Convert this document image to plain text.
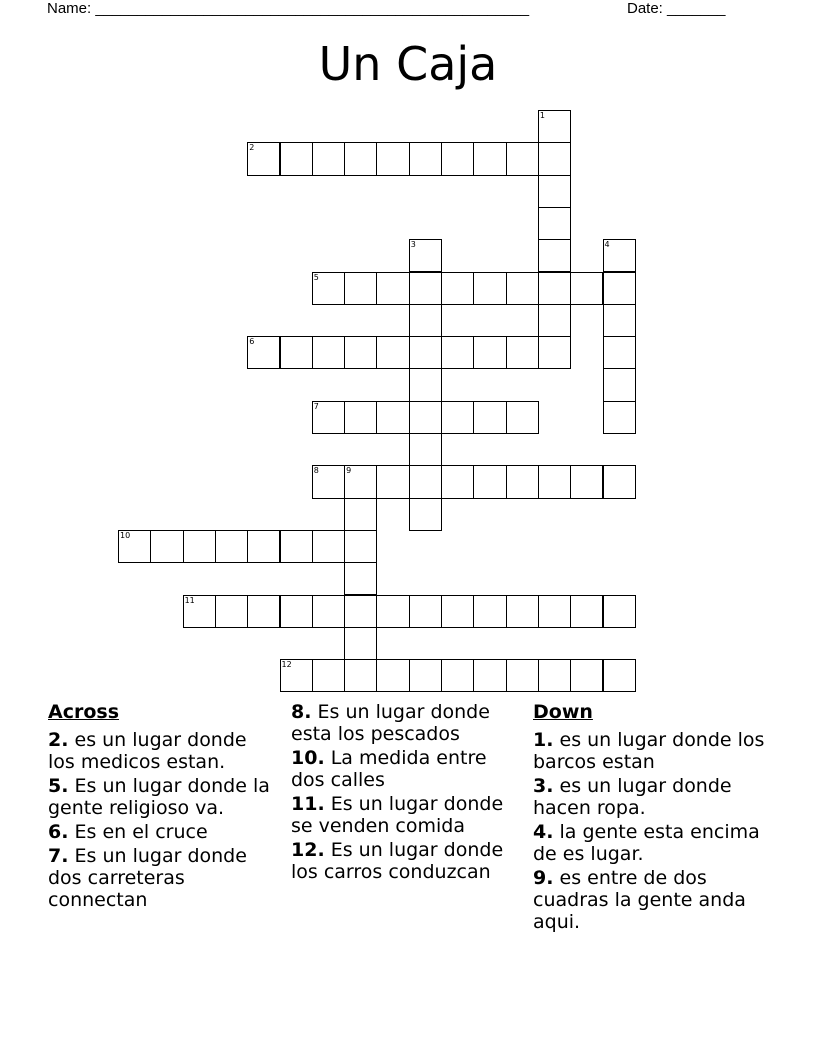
Name: ____________________________________________________	Date: _______
Un Caja
1
2
3	4
5
6
7
8	9
10
11
12
Across
2. es un lugar donde los medicos estan.
5. Es un lugar donde la gente religioso va.
6. Es en el cruce
7. Es un lugar donde dos carreteras connectan
8. Es un lugar donde esta los pescados
10. La medida entre dos calles
11. Es un lugar donde se venden comida
12. Es un lugar donde los carros conduzcan
Down
1. es un lugar donde los barcos estan
3. es un lugar donde hacen ropa.
4. la gente esta encima de es lugar.
9. es entre de dos cuadras la gente anda aqui.
